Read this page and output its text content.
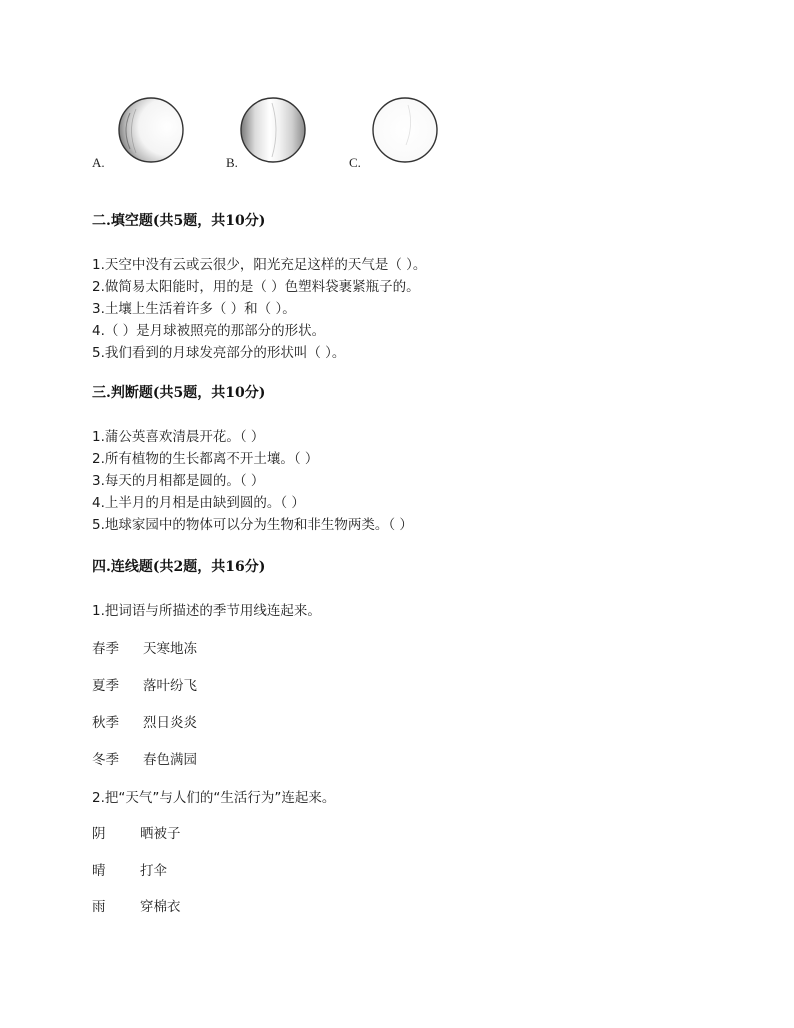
A.	B.	C.
二.填空题(共5题，共10分)
1.天空中没有云或云很少，阳光充足这样的天气是（ ）。
2.做简易太阳能时，用的是（ ）色塑料袋裹紧瓶子的。
3.土壤上生活着许多（ ）和（ ）。
4.（ ）是月球被照亮的那部分的形状。
5.我们看到的月球发亮部分的形状叫（ ）。
三.判断题(共5题，共10分)
1.蒲公英喜欢清晨开花。（ ）
2.所有植物的生长都离不开土壤。（ ）
3.每天的月相都是圆的。（ ）
4.上半月的月相是由缺到圆的。（ ）
5.地球家园中的物体可以分为生物和非生物两类。（ ）
四.连线题(共2题，共16分)
1.把词语与所描述的季节用线连起来。
春季 天寒地冻
夏季 落叶纷飞
秋季 烈日炎炎
冬季 春色满园
2.把“天气”与人们的“生活行为”连起来。
阴	晒被子
晴	打伞
雨	穿棉衣
